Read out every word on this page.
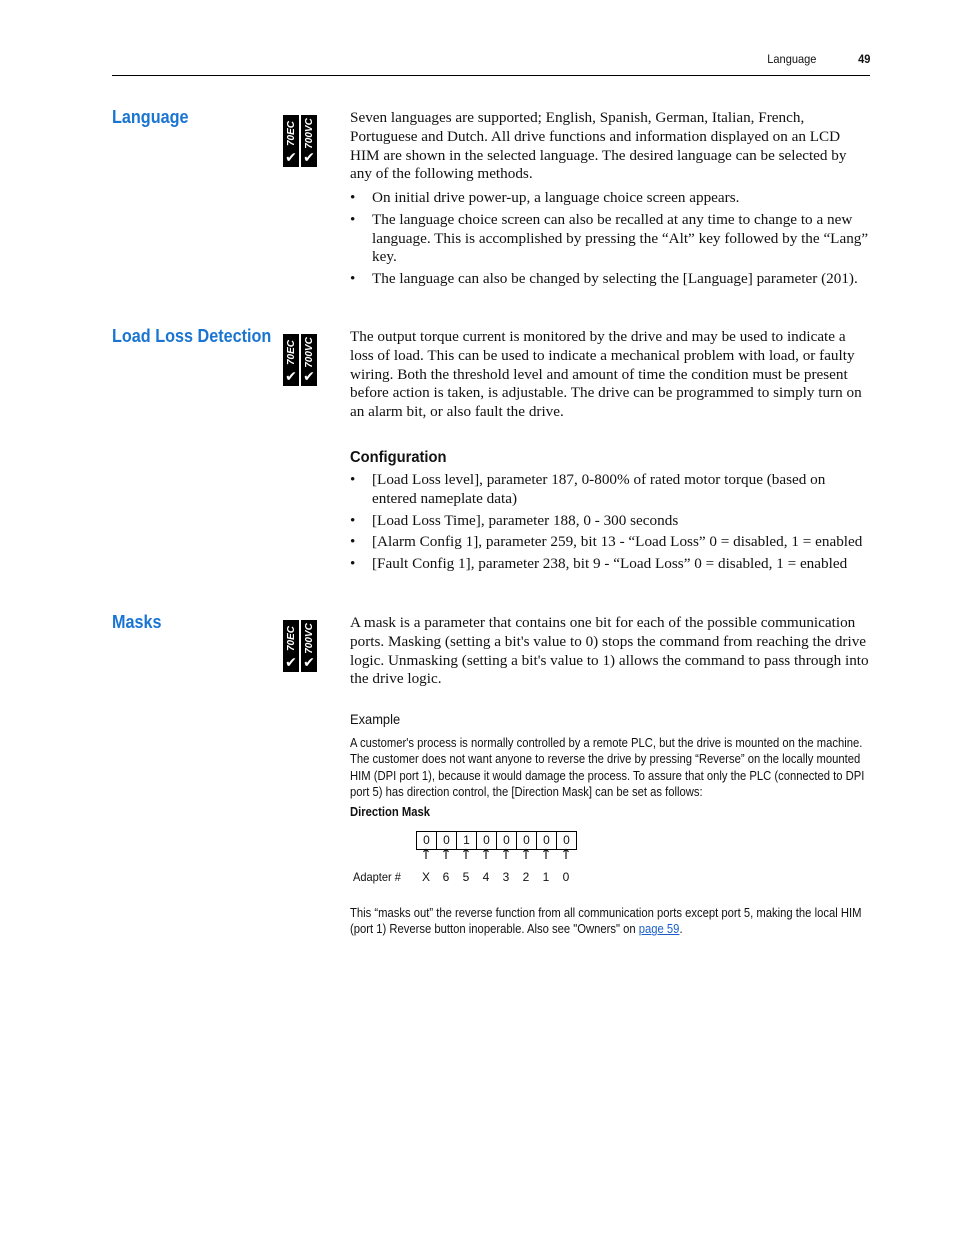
Language	49
Language
70EC
✔
700VC
✔

Seven languages are supported; English, Spanish, German, Italian, French, Portuguese and Dutch. All drive functions and information displayed on an LCD HIM are shown in the selected language. The desired language can be selected by any of the following methods.

• On initial drive power-up, a language choice screen appears.
• The language choice screen can also be recalled at any time to change to a new language. This is accomplished by pressing the “Alt” key followed by the “Lang” key.
• The language can also be changed by selecting the [Language] parameter (201).
Load Loss Detection
70EC
✔
700VC
✔

The output torque current is monitored by the drive and may be used to indicate a loss of load. This can be used to indicate a mechanical problem with load, or faulty wiring. Both the threshold level and amount of time the condition must be present before action is taken, is adjustable. The drive can be programmed to simply turn on an alarm bit, or also fault the drive.

Configuration
• [Load Loss level], parameter 187, 0-800% of rated motor torque (based on entered nameplate data)
• [Load Loss Time], parameter 188, 0 - 300 seconds
• [Alarm Config 1], parameter 259, bit 13 - “Load Loss” 0 = disabled, 1 = enabled
• [Fault Config 1], parameter 238, bit 9 - “Load Loss” 0 = disabled, 1 = enabled
Masks
70EC
✔
700VC
✔

A mask is a parameter that contains one bit for each of the possible communication ports. Masking (setting a bit's value to 0) stops the command from reaching the drive logic. Unmasking (setting a bit's value to 1) allows the command to pass through into the drive logic.

Example
A customer's process is normally controlled by a remote PLC, but the drive is mounted on the machine. The customer does not want anyone to reverse the drive by pressing “Reverse” on the locally mounted HIM (DPI port 1), because it would damage the process. To assure that only the PLC (connected to DPI port 5) has direction control, the [Direction Mask] can be set as follows:
Direction Mask
0	0	1	0	0	0	0	0
↑ ↑ ↑ ↑ ↑ ↑ ↑ ↑
Adapter #	X	6	5	4	3	2	1	0
This “masks out” the reverse function from all communication ports except port 5, making the local HIM (port 1) Reverse button inoperable. Also see "Owners" on page 59.
